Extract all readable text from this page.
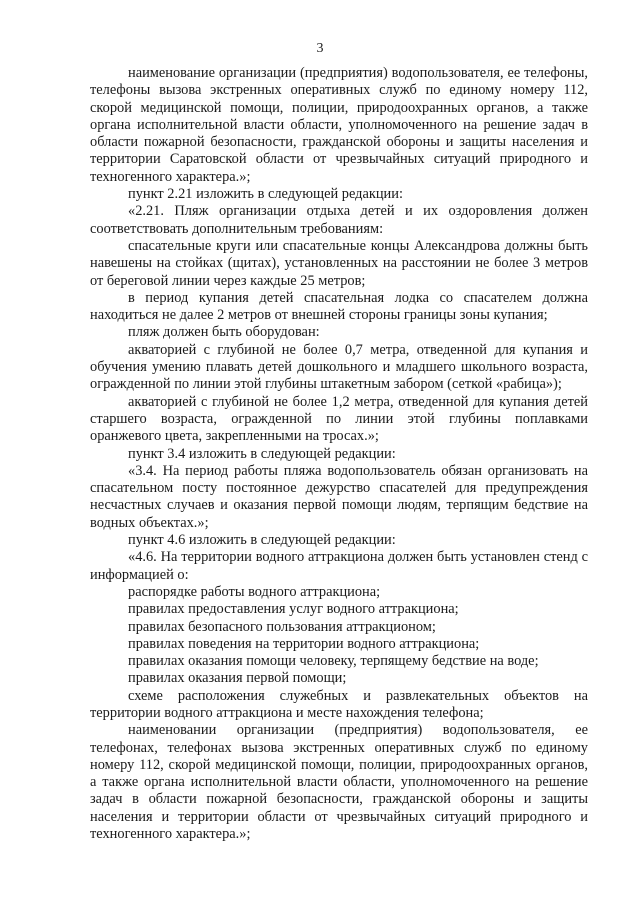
3

наименование организации (предприятия) водопользователя, ее телефоны, телефоны вызова экстренных оперативных служб по единому номеру 112, скорой медицинской помощи, полиции, природоохранных органов, а также органа исполнительной власти области, уполномоченного на решение задач в области пожарной безопасности, гражданской обороны и защиты населения и территории Саратовской области от чрезвычайных ситуаций природного и техногенного характера.»;

пункт 2.21 изложить в следующей редакции:

«2.21. Пляж организации отдыха детей и их оздоровления должен соответствовать дополнительным требованиям:

спасательные круги или спасательные концы Александрова должны быть навешены на стойках (щитах), установленных на расстоянии не более 3 метров от береговой линии через каждые 25 метров;

в период купания детей спасательная лодка со спасателем должна находиться не далее 2 метров от внешней стороны границы зоны купания;

пляж должен быть оборудован:

акваторией с глубиной не более 0,7 метра, отведенной для купания и обучения умению плавать детей дошкольного и младшего школьного возраста, огражденной по линии этой глубины штакетным забором (сеткой «рабица»);

акваторией с глубиной не более 1,2 метра, отведенной для купания детей старшего возраста, огражденной по линии этой глубины поплавками оранжевого цвета, закрепленными на тросах.»;

пункт 3.4 изложить в следующей редакции:

«3.4. На период работы пляжа водопользователь обязан организовать на спасательном посту постоянное дежурство спасателей для предупреждения несчастных случаев и оказания первой помощи людям, терпящим бедствие на водных объектах.»;

пункт 4.6 изложить в следующей редакции:

«4.6. На территории водного аттракциона должен быть установлен стенд с информацией о:

распорядке работы водного аттракциона;

правилах предоставления услуг водного аттракциона;

правилах безопасного пользования аттракционом;

правилах поведения на территории водного аттракциона;

правилах оказания помощи человеку, терпящему бедствие на воде;

правилах оказания первой помощи;

схеме расположения служебных и развлекательных объектов на территории водного аттракциона и месте нахождения телефона;

наименовании организации (предприятия) водопользователя, ее телефонах, телефонах вызова экстренных оперативных служб по единому номеру 112, скорой медицинской помощи, полиции, природоохранных органов, а также органа исполнительной власти области, уполномоченного на решение задач в области пожарной безопасности, гражданской обороны и защиты населения и территории области от чрезвычайных ситуаций природного и техногенного характера.»;
